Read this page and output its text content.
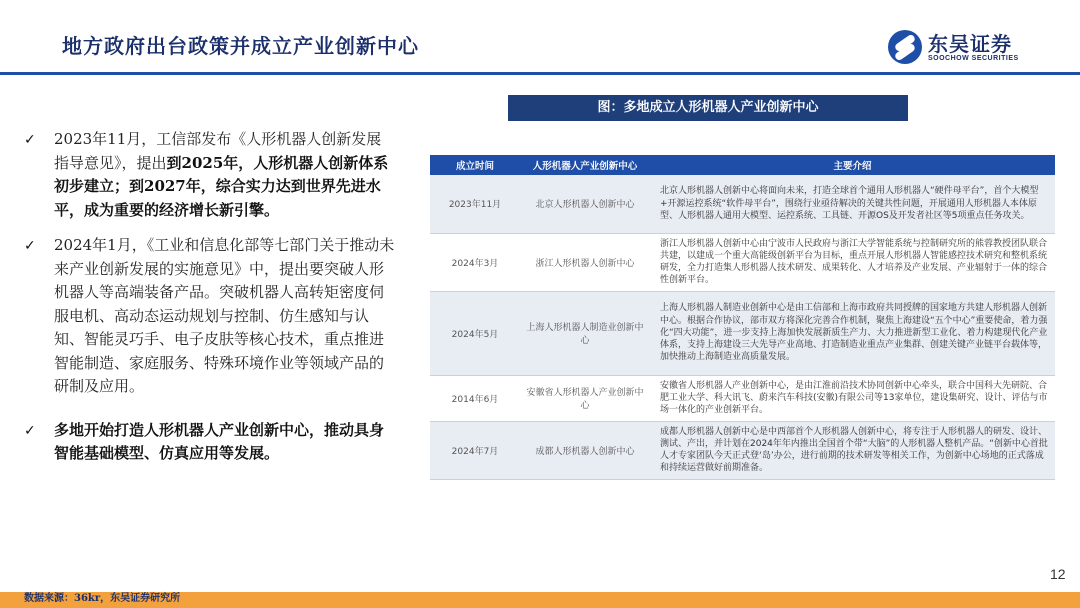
地方政府出台政策并成立产业创新中心	东吴证券
SOOCHOW SECURITIES
✓	2023年11月，工信部发布《人形机器人创新发展指导意见》，提出到2025年，人形机器人创新体系初步建立；到2027年，综合实力达到世界先进水平，成为重要的经济增长新引擎。
✓	2024年1月，《工业和信息化部等七部门关于推动未来产业创新发展的实施意见》中，提出要突破人形机器人等高端装备产品。突破机器人高转矩密度伺服电机、高动态运动规划与控制、仿生感知与认知、智能灵巧手、电子皮肤等核心技术，重点推进智能制造、家庭服务、特殊环境作业等领域产品的研制及应用。
✓	多地开始打造人形机器人产业创新中心，推动具身智能基础模型、仿真应用等发展。
图：多地成立人形机器人产业创新中心
成立时间	人形机器人产业创新中心	主要介绍
2023年11月	北京人形机器人创新中心	北京人形机器人创新中心将面向未来，打造全球首个通用人形机器人“硬件母平台”，首个大模型+开源运控系统“软件母平台”，围绕行业亟待解决的关键共性问题，开展通用人形机器人本体原型、人形机器人通用大模型、运控系统、工具链、开源OS及开发者社区等5项重点任务攻关。
2024年3月	浙江人形机器人创新中心	浙江人形机器人创新中心由宁波市人民政府与浙江大学智能系统与控制研究所的熊蓉教授团队联合共建，以建成一个重大高能级创新平台为目标，重点开展人形机器人智能感控技术研究和整机系统研发，全力打造集人形机器人技术研发、成果转化、人才培养及产业发展、产业辐射于一体的综合性创新平台。
2024年5月	上海人形机器人制造业创新中心	上海人形机器人制造业创新中心是由工信部和上海市政府共同授牌的国家地方共建人形机器人创新中心。根据合作协议，部市双方将深化完善合作机制，聚焦上海建设“五个中心”重要使命，着力强化“四大功能”，进一步支持上海加快发展新质生产力、大力推进新型工业化、着力构建现代化产业体系，支持上海建设三大先导产业高地、打造制造业重点产业集群、创建关键产业链平台载体等，加快推动上海制造业高质量发展。
2014年6月	安徽省人形机器人产业创新中心	安徽省人形机器人产业创新中心，是由江淮前沿技术协同创新中心牵头，联合中国科大先研院、合肥工业大学、科大讯飞、蔚来汽车科技(安徽)有限公司等13家单位，建设集研究、设计、评估与市场一体化的产业创新平台。
2024年7月	成都人形机器人创新中心	成都人形机器人创新中心是中西部首个人形机器人创新中心，将专注于人形机器人的研发、设计、测试、产出，并计划在2024年年内推出全国首个带“大脑”的人形机器人整机产品。“创新中心首批人才专家团队今天正式登‘岛’办公，进行前期的技术研发等相关工作，为创新中心场地的正式落成和持续运营做好前期准备。
12
数据来源：36kr，东吴证券研究所
